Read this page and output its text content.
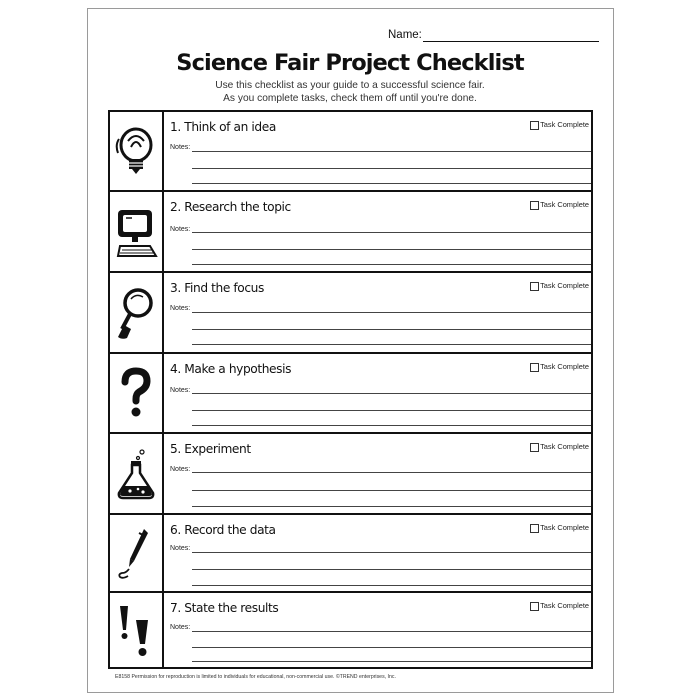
Name:
Science Fair Project Checklist
Use this checklist as your guide to a successful science fair.
As you complete tasks, check them off until you're done.
1. Think of an idea	Task Complete
Notes:
2. Research the topic	Task Complete
Notes:
3. Find the focus	Task Complete
Notes:
4. Make a hypothesis	Task Complete
Notes:
5. Experiment	Task Complete
Notes:
6. Record the data	Task Complete
Notes:
7. State the results	Task Complete
Notes:
E8158 Permission for reproduction is limited to individuals for educational, non-commercial use. ©TREND enterprises, Inc.
